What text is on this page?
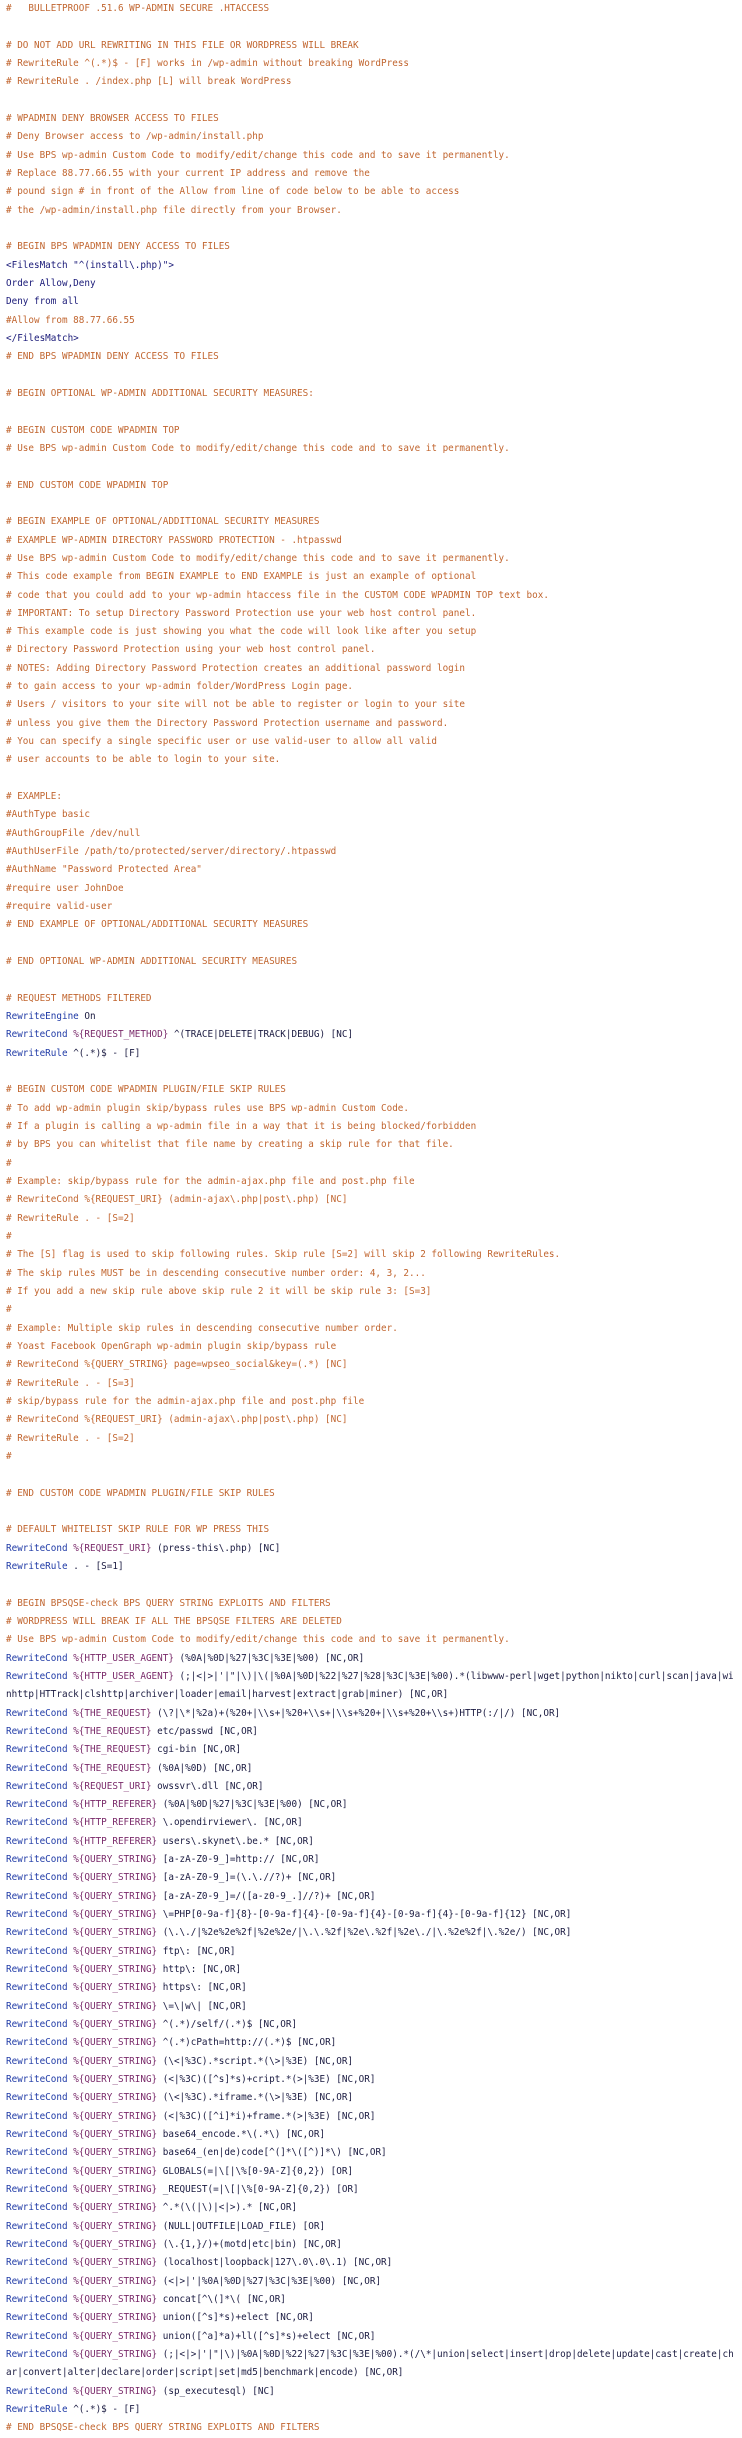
#   BULLETPROOF .51.6 WP-ADMIN SECURE .HTACCESS
# DO NOT ADD URL REWRITING IN THIS FILE OR WORDPRESS WILL BREAK
# RewriteRule ^(.*)$ - [F] works in /wp-admin without breaking WordPress
# RewriteRule . /index.php [L] will break WordPress
# WPADMIN DENY BROWSER ACCESS TO FILES
# Deny Browser access to /wp-admin/install.php
# Use BPS wp-admin Custom Code to modify/edit/change this code and to save it permanently.
# Replace 88.77.66.55 with your current IP address and remove the
# pound sign # in front of the Allow from line of code below to be able to access
# the /wp-admin/install.php file directly from your Browser.
# BEGIN BPS WPADMIN DENY ACCESS TO FILES
<FilesMatch "^(install\.php)">
Order Allow,Deny
Deny from all
#Allow from 88.77.66.55
</FilesMatch>
# END BPS WPADMIN DENY ACCESS TO FILES
# BEGIN OPTIONAL WP-ADMIN ADDITIONAL SECURITY MEASURES:
# BEGIN CUSTOM CODE WPADMIN TOP
# Use BPS wp-admin Custom Code to modify/edit/change this code and to save it permanently.
# END CUSTOM CODE WPADMIN TOP
# BEGIN EXAMPLE OF OPTIONAL/ADDITIONAL SECURITY MEASURES
# EXAMPLE WP-ADMIN DIRECTORY PASSWORD PROTECTION - .htpasswd
# Use BPS wp-admin Custom Code to modify/edit/change this code and to save it permanently.
# This code example from BEGIN EXAMPLE to END EXAMPLE is just an example of optional
# code that you could add to your wp-admin htaccess file in the CUSTOM CODE WPADMIN TOP text box.
# IMPORTANT: To setup Directory Password Protection use your web host control panel.
# This example code is just showing you what the code will look like after you setup
# Directory Password Protection using your web host control panel.
# NOTES: Adding Directory Password Protection creates an additional password login
# to gain access to your wp-admin folder/WordPress Login page.
# Users / visitors to your site will not be able to register or login to your site
# unless you give them the Directory Password Protection username and password.
# You can specify a single specific user or use valid-user to allow all valid
# user accounts to be able to login to your site.
# EXAMPLE:
#AuthType basic
#AuthGroupFile /dev/null
#AuthUserFile /path/to/protected/server/directory/.htpasswd
#AuthName "Password Protected Area"
#require user JohnDoe
#require valid-user
# END EXAMPLE OF OPTIONAL/ADDITIONAL SECURITY MEASURES
# END OPTIONAL WP-ADMIN ADDITIONAL SECURITY MEASURES
# REQUEST METHODS FILTERED
RewriteEngine On
RewriteCond %{REQUEST_METHOD} ^(TRACE|DELETE|TRACK|DEBUG) [NC]
RewriteRule ^(.*)$ - [F]
# BEGIN CUSTOM CODE WPADMIN PLUGIN/FILE SKIP RULES
# To add wp-admin plugin skip/bypass rules use BPS wp-admin Custom Code.
# If a plugin is calling a wp-admin file in a way that it is being blocked/forbidden
# by BPS you can whitelist that file name by creating a skip rule for that file.
#
# Example: skip/bypass rule for the admin-ajax.php file and post.php file
# RewriteCond %{REQUEST_URI} (admin-ajax\.php|post\.php) [NC]
# RewriteRule . - [S=2]
#
# The [S] flag is used to skip following rules. Skip rule [S=2] will skip 2 following RewriteRules.
# The skip rules MUST be in descending consecutive number order: 4, 3, 2...
# If you add a new skip rule above skip rule 2 it will be skip rule 3: [S=3]
#
# Example: Multiple skip rules in descending consecutive number order.
# Yoast Facebook OpenGraph wp-admin plugin skip/bypass rule
# RewriteCond %{QUERY_STRING} page=wpseo_social&key=(.*) [NC]
# RewriteRule . - [S=3]
# skip/bypass rule for the admin-ajax.php file and post.php file
# RewriteCond %{REQUEST_URI} (admin-ajax\.php|post\.php) [NC]
# RewriteRule . - [S=2]
#
# END CUSTOM CODE WPADMIN PLUGIN/FILE SKIP RULES
# DEFAULT WHITELIST SKIP RULE FOR WP PRESS THIS
RewriteCond %{REQUEST_URI} (press-this\.php) [NC]
RewriteRule . - [S=1]
# BEGIN BPSQSE-check BPS QUERY STRING EXPLOITS AND FILTERS
# WORDPRESS WILL BREAK IF ALL THE BPSQSE FILTERS ARE DELETED
# Use BPS wp-admin Custom Code to modify/edit/change this code and to save it permanently.
RewriteCond %{HTTP_USER_AGENT} (%0A|%0D|%27|%3C|%3E|%00) [NC,OR]
RewriteCond %{HTTP_USER_AGENT} (;|<|>|'|"|\)|\(|%0A|%0D|%22|%27|%28|%3C|%3E|%00).*(libwww-perl|wget|python|nikto|curl|scan|java|winhttp|HTTrack|clshttp|archiver|loader|email|harvest|extract|grab|miner) [NC,OR]
RewriteCond %{THE_REQUEST} (\?|\*|%2a)+(%20+|\\s+|%20+\\s+|\\s+%20+|\\s+%20+\\s+)HTTP(:/|/) [NC,OR]
RewriteCond %{THE_REQUEST} etc/passwd [NC,OR]
RewriteCond %{THE_REQUEST} cgi-bin [NC,OR]
RewriteCond %{THE_REQUEST} (%0A|%0D) [NC,OR]
RewriteCond %{REQUEST_URI} owssvr\.dll [NC,OR]
RewriteCond %{HTTP_REFERER} (%0A|%0D|%27|%3C|%3E|%00) [NC,OR]
RewriteCond %{HTTP_REFERER} \.opendirviewer\. [NC,OR]
RewriteCond %{HTTP_REFERER} users\.skynet\.be.* [NC,OR]
RewriteCond %{QUERY_STRING} [a-zA-Z0-9_]=http:// [NC,OR]
RewriteCond %{QUERY_STRING} [a-zA-Z0-9_]=(\.\.//?)+ [NC,OR]
RewriteCond %{QUERY_STRING} [a-zA-Z0-9_]=/([a-z0-9_.]//?)+ [NC,OR]
RewriteCond %{QUERY_STRING} \=PHP[0-9a-f]{8}-[0-9a-f]{4}-[0-9a-f]{4}-[0-9a-f]{4}-[0-9a-f]{12} [NC,OR]
RewriteCond %{QUERY_STRING} (\.\./|%2e%2e%2f|%2e%2e/|\.\.%2f|%2e\.%2f|%2e\./|\.%2e%2f|\.%2e/) [NC,OR]
RewriteCond %{QUERY_STRING} ftp\: [NC,OR]
RewriteCond %{QUERY_STRING} http\: [NC,OR]
RewriteCond %{QUERY_STRING} https\: [NC,OR]
RewriteCond %{QUERY_STRING} \=\|w\| [NC,OR]
RewriteCond %{QUERY_STRING} ^(.*)/self/(.*)$ [NC,OR]
RewriteCond %{QUERY_STRING} ^(.*)cPath=http://(.*)$ [NC,OR]
RewriteCond %{QUERY_STRING} (\<|%3C).*script.*(\>|%3E) [NC,OR]
RewriteCond %{QUERY_STRING} (<|%3C)([^s]*s)+cript.*(>|%3E) [NC,OR]
RewriteCond %{QUERY_STRING} (\<|%3C).*iframe.*(\>|%3E) [NC,OR]
RewriteCond %{QUERY_STRING} (<|%3C)([^i]*i)+frame.*(>|%3E) [NC,OR]
RewriteCond %{QUERY_STRING} base64_encode.*\(.*\) [NC,OR]
RewriteCond %{QUERY_STRING} base64_(en|de)code[^(]*\([^)]*\) [NC,OR]
RewriteCond %{QUERY_STRING} GLOBALS(=|\[|\%[0-9A-Z]{0,2}) [OR]
RewriteCond %{QUERY_STRING} _REQUEST(=|\[|\%[0-9A-Z]{0,2}) [OR]
RewriteCond %{QUERY_STRING} ^.*(\(|\)|<|>).* [NC,OR]
RewriteCond %{QUERY_STRING} (NULL|OUTFILE|LOAD_FILE) [OR]
RewriteCond %{QUERY_STRING} (\.{1,}/)+(motd|etc|bin) [NC,OR]
RewriteCond %{QUERY_STRING} (localhost|loopback|127\.0\.0\.1) [NC,OR]
RewriteCond %{QUERY_STRING} (<|>|'|%0A|%0D|%27|%3C|%3E|%00) [NC,OR]
RewriteCond %{QUERY_STRING} concat[^\(]*\( [NC,OR]
RewriteCond %{QUERY_STRING} union([^s]*s)+elect [NC,OR]
RewriteCond %{QUERY_STRING} union([^a]*a)+ll([^s]*s)+elect [NC,OR]
RewriteCond %{QUERY_STRING} (;|<|>|'|"|\)|%0A|%0D|%22|%27|%3C|%3E|%00).*(/\*|union|select|insert|drop|delete|update|cast|create|char|convert|alter|declare|order|script|set|md5|benchmark|encode) [NC,OR]
RewriteCond %{QUERY_STRING} (sp_executesql) [NC]
RewriteRule ^(.*)$ - [F]
# END BPSQSE-check BPS QUERY STRING EXPLOITS AND FILTERS
